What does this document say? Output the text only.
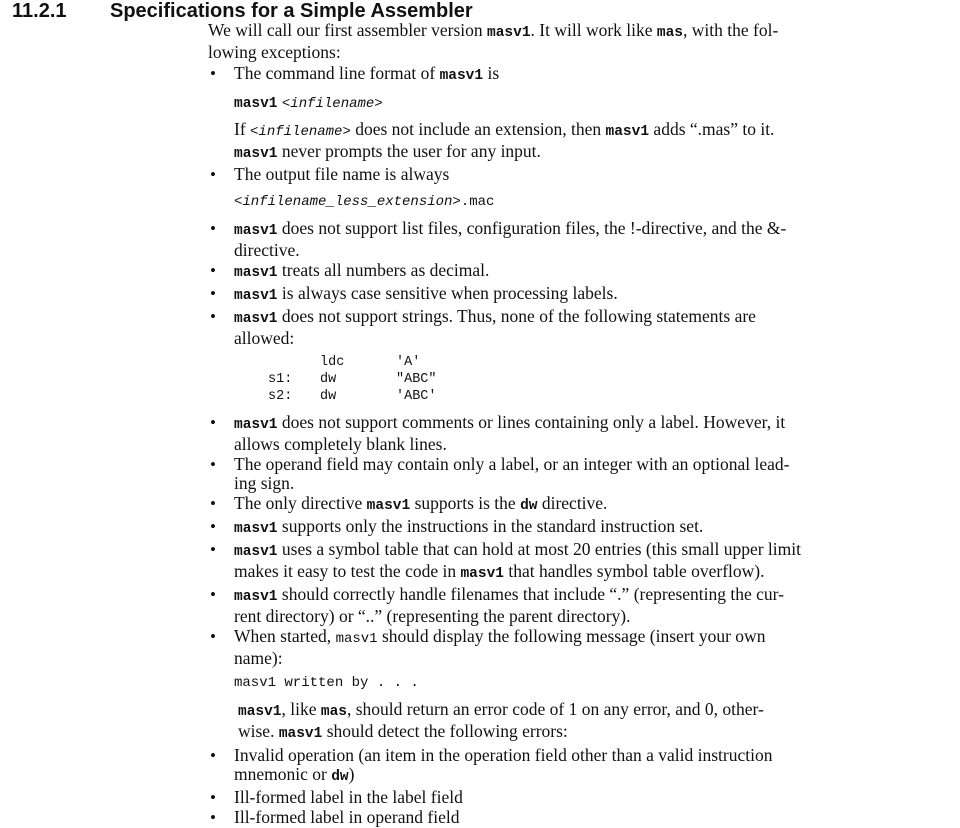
11.2.1 Specifications for a Simple Assembler

We will call our first assembler version masv1. It will work like mas, with the fol-
lowing exceptions:

• The command line format of masv1 is
masv1 <infilename>
If <infilename> does not include an extension, then masv1 adds “.mas” to it.
masv1 never prompts the user for any input.
• The output file name is always
<infilename_less_extension>.mac
• masv1 does not support list files, configuration files, the !-directive, and the &-
directive.
• masv1 treats all numbers as decimal.
• masv1 is always case sensitive when processing labels.
• masv1 does not support strings. Thus, none of the following statements are
allowed:
ldc	'A'
s1:	dw	"ABC"
s2:	dw	'ABC'
• masv1 does not support comments or lines containing only a label. However, it
allows completely blank lines.
• The operand field may contain only a label, or an integer with an optional lead-
ing sign.
• The only directive masv1 supports is the dw directive.
• masv1 supports only the instructions in the standard instruction set.
• masv1 uses a symbol table that can hold at most 20 entries (this small upper limit
makes it easy to test the code in masv1 that handles symbol table overflow).
• masv1 should correctly handle filenames that include “.” (representing the cur-
rent directory) or “..” (representing the parent directory).
• When started, masv1 should display the following message (insert your own
name):
masv1 written by . . .

masv1, like mas, should return an error code of 1 on any error, and 0, other-
wise. masv1 should detect the following errors:

• Invalid operation (an item in the operation field other than a valid instruction
mnemonic or dw)
• Ill-formed label in the label field
• Ill-formed label in operand field
